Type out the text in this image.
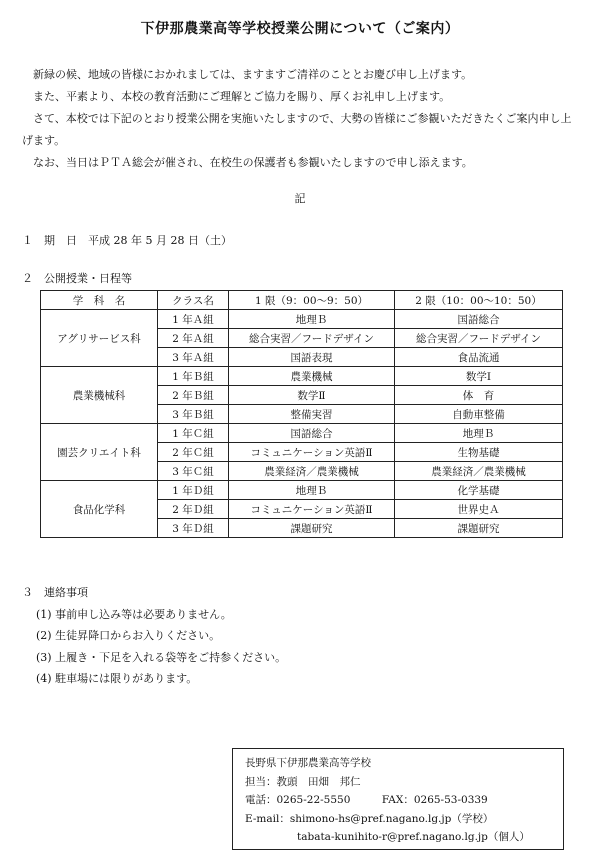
下伊那農業高等学校授業公開について（ご案内）
　新緑の候、地域の皆様におかれましては、ますますご清祥のこととお慶び申し上げます。
　また、平素より、本校の教育活動にご理解とご協力を賜り、厚くお礼申し上げます。
　さて、本校では下記のとおり授業公開を実施いたしますので、大勢の皆様にご参観いただきたくご案内申し上げます。
　なお、当日はＰＴＡ総会が催され、在校生の保護者も参観いたしますので申し添えます。
記
１　期　日　平成 28 年 5 月 28 日（土）
２　公開授業・日程等
学　科　名	クラス名	1 限（9：00～9：50）	2 限（10：00～10：50）
アグリサービス科	1 年Ａ組	地理Ｂ	国語総合
	2 年Ａ組	総合実習／フードデザイン	総合実習／フードデザイン
	3 年Ａ組	国語表現	食品流通
農業機械科	1 年Ｂ組	農業機械	数学Ⅰ
	2 年Ｂ組	数学Ⅱ	体　育
	3 年Ｂ組	整備実習	自動車整備
園芸クリエイト科	1 年Ｃ組	国語総合	地理Ｂ
	2 年Ｃ組	コミュニケーション英語Ⅱ	生物基礎
	3 年Ｃ組	農業経済／農業機械	農業経済／農業機械
食品化学科	1 年Ｄ組	地理Ｂ	化学基礎
	2 年Ｄ組	コミュニケーション英語Ⅱ	世界史Ａ
	3 年Ｄ組	課題研究	課題研究
３　連絡事項
(1) 事前申し込み等は必要ありません。
(2) 生徒昇降口からお入りください。
(3) 上履き・下足を入れる袋等をご持参ください。
(4) 駐車場には限りがあります。
長野県下伊那農業高等学校
担当：教頭　田畑　邦仁
電話：0265-22-5550　　　FAX：0265-53-0339
E-mail：shimono-hs@pref.nagano.lg.jp（学校）
tabata-kunihito-r@pref.nagano.lg.jp（個人）
